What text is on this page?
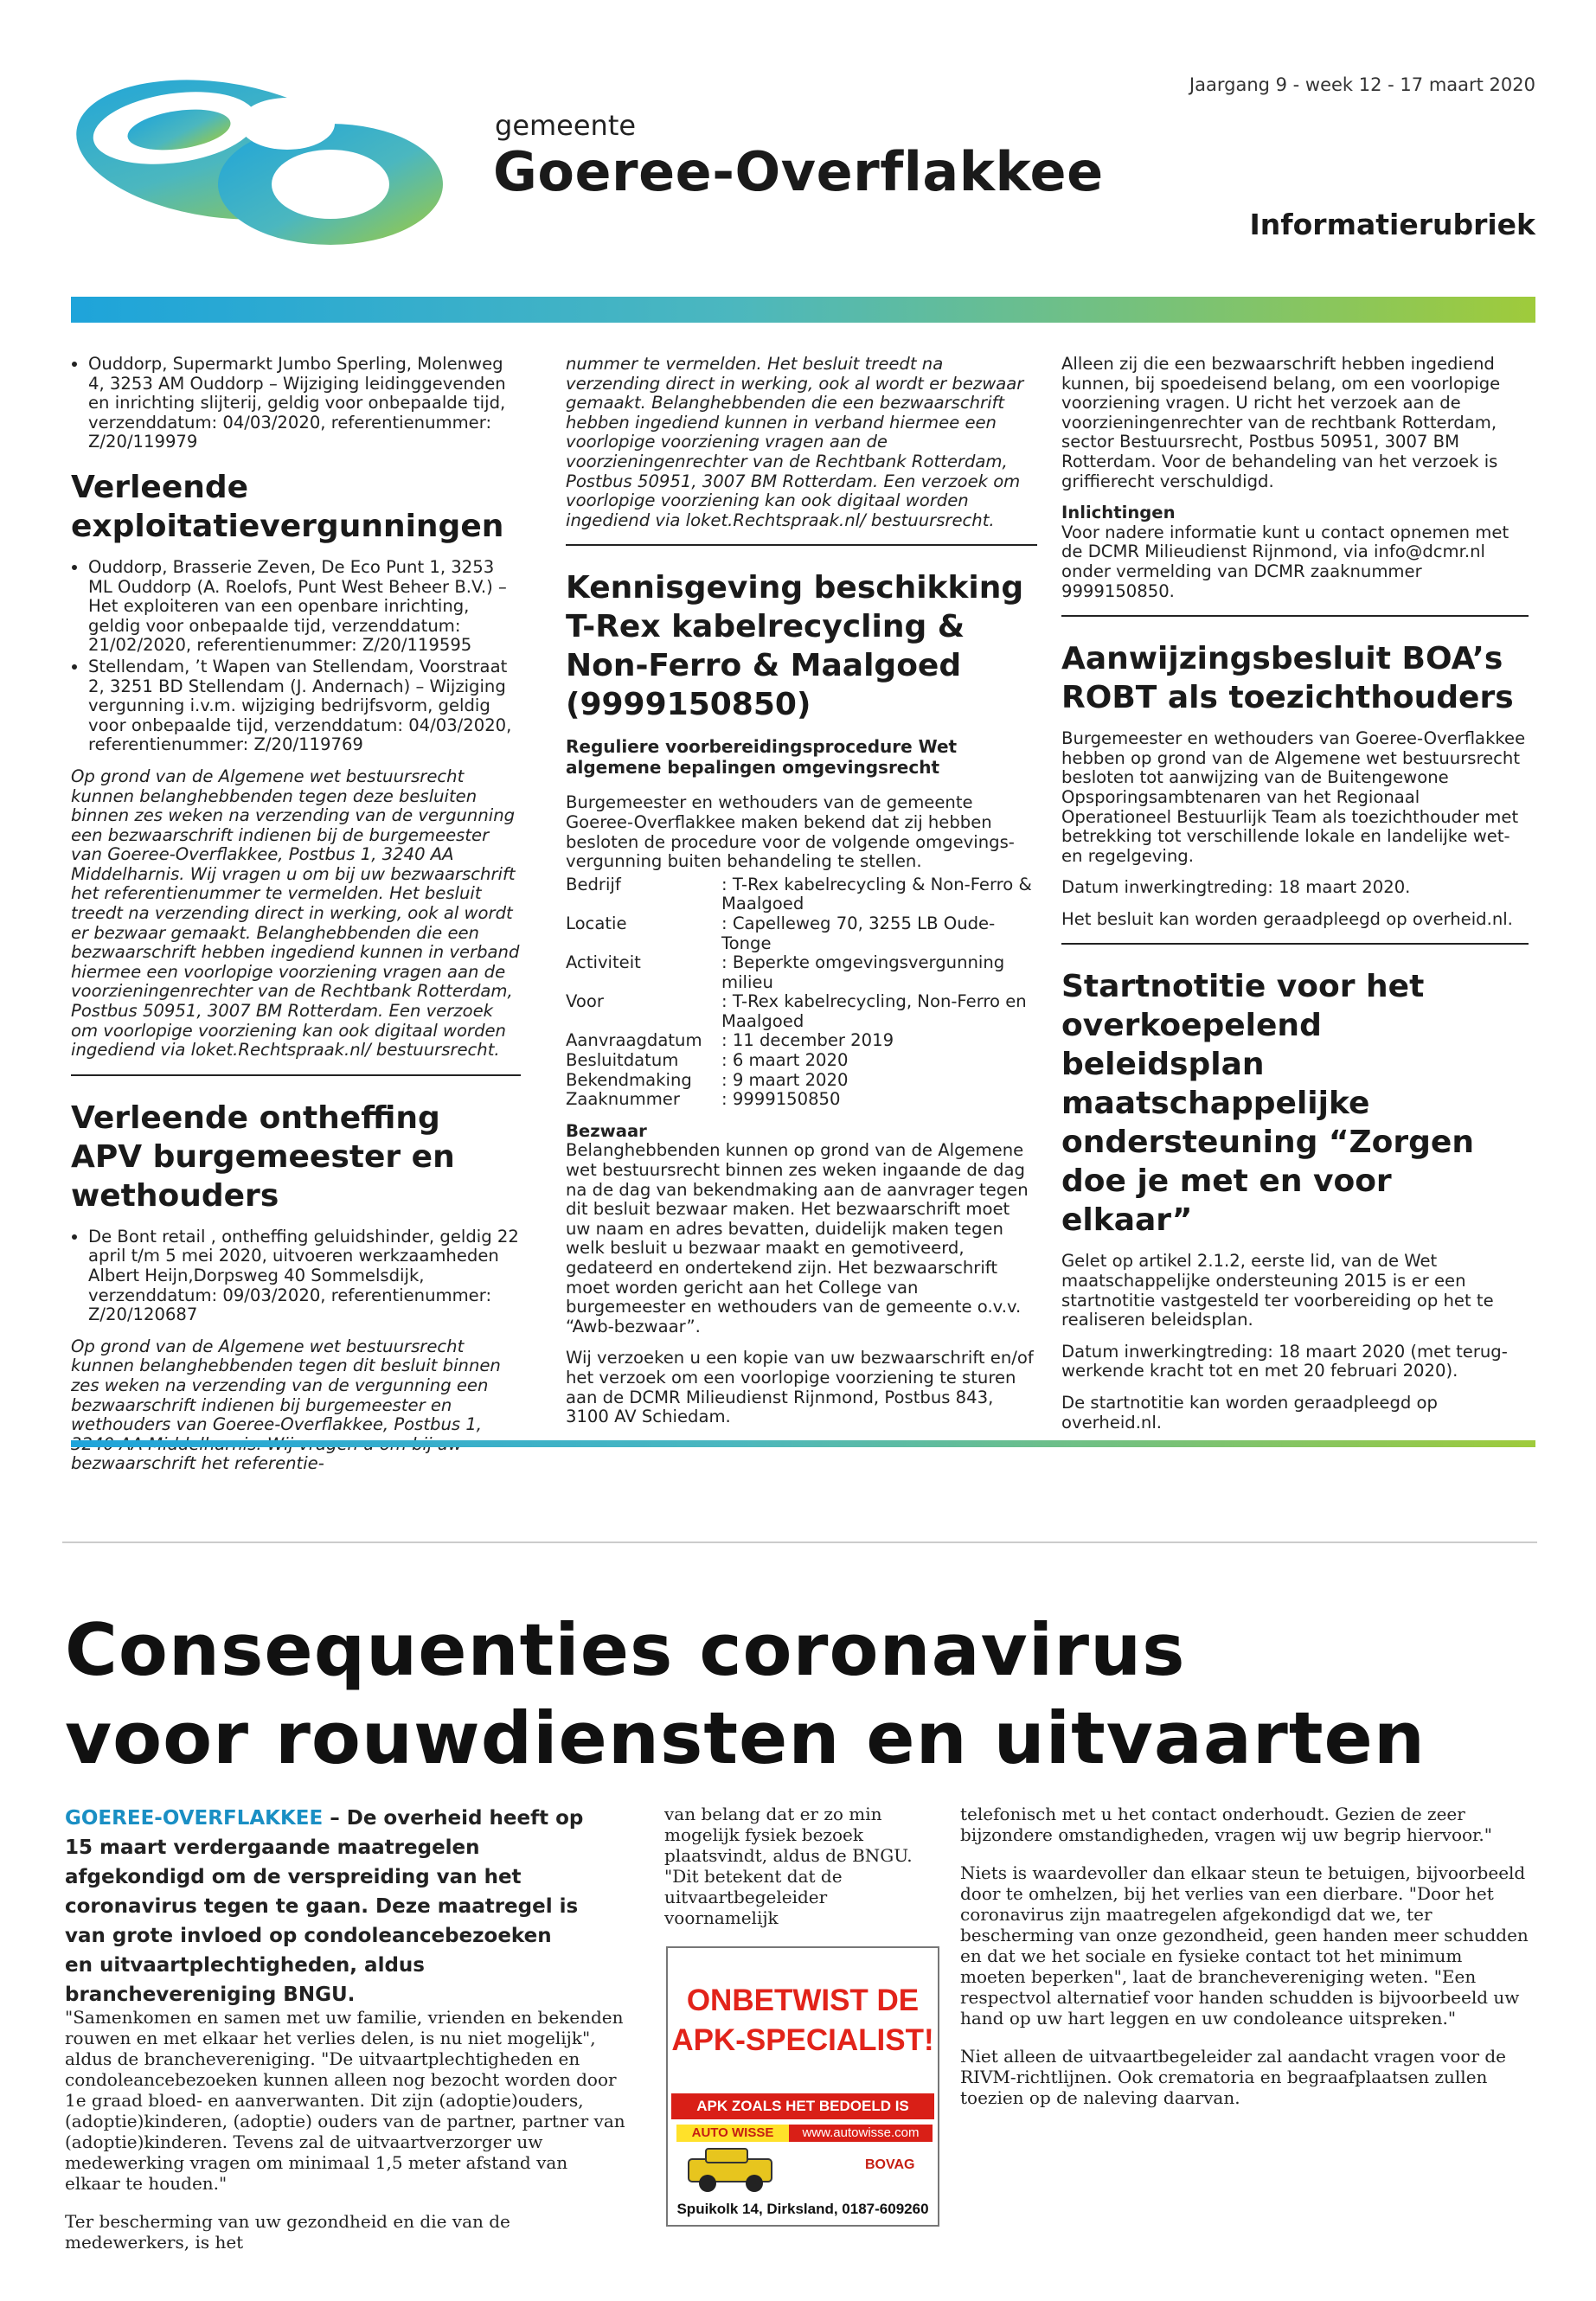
gemeente
Goeree-Overflakkee
Jaargang 9 - week 12 - 17 maart 2020
Informatierubriek
• Ouddorp, Supermarkt Jumbo Sperling, Molenweg 4, 3253 AM Ouddorp – Wijziging leidinggevenden en inrichting slijterij, geldig voor onbepaalde tijd, verzenddatum: 04/03/2020, referentienummer: Z/20/119979
Verleende exploitatievergunningen
• Ouddorp, Brasserie Zeven, De Eco Punt 1, 3253 ML Ouddorp (A. Roelofs, Punt West Beheer B.V.) – Het exploiteren van een openbare inrichting, geldig voor onbepaalde tijd, verzenddatum: 21/02/2020, referentienummer: Z/20/119595
• Stellendam, ’t Wapen van Stellendam, Voorstraat 2, 3251 BD Stellendam (J. Andernach) – Wijziging vergunning i.v.m. wijziging bedrijfsvorm, geldig voor onbepaalde tijd, verzenddatum: 04/03/2020, referentienummer: Z/20/119769

Op grond van de Algemene wet bestuursrecht kunnen belanghebbenden tegen deze besluiten binnen zes weken na verzending van de vergunning een bezwaarschrift indienen bij de burgemeester van Goeree-Overflakkee, Postbus 1, 3240 AA Middelharnis. Wij vragen u om bij uw bezwaarschrift het referentienummer te vermelden. Het besluit treedt na verzending direct in werking, ook al wordt er bezwaar gemaakt. Belanghebbenden die een bezwaarschrift hebben ingediend kunnen in verband hiermee een voorlopige voorziening vragen aan de voorzieningenrechter van de Rechtbank Rotterdam, Postbus 50951, 3007 BM Rotterdam. Een verzoek om voorlopige voorziening kan ook digitaal worden ingediend via loket.Rechtspraak.nl/ bestuursrecht.

Verleende ontheffing APV burgemeester en wethouders
• De Bont retail , ontheffing geluidshinder, geldig 22 april t/m 5 mei 2020, uitvoeren werkzaamheden Albert Heijn,Dorpsweg 40 Sommelsdijk, verzenddatum: 09/03/2020, referentienummer: Z/20/120687

Op grond van de Algemene wet bestuursrecht kunnen belanghebbenden tegen dit besluit binnen zes weken na verzending van de vergunning een bezwaarschrift indienen bij burgemeester en wethouders van Goeree-Overflakkee, Postbus 1, bezwaarschrift het referentie-

nummer te vermelden. Het besluit treedt na verzending direct in werking, ook al wordt er bezwaar gemaakt. Belanghebbenden die een bezwaarschrift hebben ingediend kunnen in verband hiermee een voorlopige voorziening vragen aan de voorzieningenrechter van de Rechtbank Rotterdam, Postbus 50951, 3007 BM Rotterdam. Een verzoek om voorlopige voorziening kan ook digitaal worden ingediend via loket.Rechtspraak.nl/ bestuursrecht.

Kennisgeving beschikking T-Rex kabelrecycling & Non-Ferro & Maalgoed (9999150850)
Reguliere voorbereidingsprocedure Wet algemene bepalingen omgevingsrecht

Burgemeester en wethouders van de gemeente Goeree-Overflakkee maken bekend dat zij hebben besloten de procedure voor de volgende omgevings-vergunning buiten behandeling te stellen.

Bedrijf	: T-Rex kabelrecycling & Non-Ferro & Maalgoed
Locatie	: Capelleweg 70, 3255 LB Oude-Tonge
Activiteit	: Beperkte omgevingsvergunning milieu
Voor	: T-Rex kabelrecycling, Non-Ferro en Maalgoed
Aanvraagdatum	: 11 december 2019
Besluitdatum	: 6 maart 2020
Bekendmaking	: 9 maart 2020
Zaaknummer	: 9999150850
Bezwaar

Belanghebbenden kunnen op grond van de Algemene wet bestuursrecht binnen zes weken ingaande de dag na de dag van bekendmaking aan de aanvrager tegen dit besluit bezwaar maken. Het bezwaarschrift moet uw naam en adres bevatten, duidelijk maken tegen welk besluit u bezwaar maakt en gemotiveerd, gedateerd en ondertekend zijn. Het bezwaarschrift moet worden gericht aan het College van burgemeester en wethouders van de gemeente o.v.v. “Awb-bezwaar”.

Wij verzoeken u een kopie van uw bezwaarschrift en/of het verzoek om een voorlopige voorziening te sturen aan de DCMR Milieudienst Rijnmond, Postbus 843, 3100 AV Schiedam.

Alleen zij die een bezwaarschrift hebben ingediend kunnen, bij spoedeisend belang, om een voorlopige voorziening vragen. U richt het verzoek aan de voorzieningenrechter van de rechtbank Rotterdam, sector Bestuursrecht, Postbus 50951, 3007 BM Rotterdam. Voor de behandeling van het verzoek is griffierecht verschuldigd.

Inlichtingen

Voor nadere informatie kunt u contact opnemen met de DCMR Milieudienst Rijnmond, via info@dcmr.nl onder vermelding van DCMR zaaknummer 9999150850.

Aanwijzingsbesluit BOA’s ROBT als toezichthouders

Burgemeester en wethouders van Goeree-Overflakkee hebben op grond van de Algemene wet bestuursrecht besloten tot aanwijzing van de Buitengewone Opsporingsambtenaren van het Regionaal Operationeel Bestuurlijk Team als toezichthouder met betrekking tot verschillende lokale en landelijke wet- en regelgeving.

Datum inwerkingtreding: 18 maart 2020.

Het besluit kan worden geraadpleegd op overheid.nl.

Startnotitie voor het overkoepelend beleidsplan maatschappelijke ondersteuning “Zorgen doe je met en voor elkaar”

Gelet op artikel 2.1.2, eerste lid, van de Wet maatschappelijke ondersteuning 2015 is er een startnotitie vastgesteld ter voorbereiding op het te realiseren beleidsplan.

Datum inwerkingtreding: 18 maart 2020 (met terug-werkende kracht tot en met 20 februari 2020).

De startnotitie kan worden geraadpleegd op overheid.nl.

Consequenties coronavirus
voor rouwdiensten en uitvaarten
GOEREE-OVERFLAKKEE – De overheid heeft op 15 maart verdergaande maatregelen afgekondigd om de verspreiding van het coronavirus tegen te gaan. Deze maatregel is van grote invloed op condoleancebezoeken en uitvaartplechtigheden, aldus branchevereniging BNGU.

"Samenkomen en samen met uw familie, vrienden en bekenden rouwen en met elkaar het verlies delen, is nu niet mogelijk", aldus de branchevereniging. "De uitvaartplechtigheden en condoleancebezoeken kunnen alleen nog bezocht worden door 1e graad bloed- en aanverwanten. Dit zijn (adoptie)ouders, (adoptie)kinderen, (adoptie) ouders van de partner, partner van (adoptie)kinderen. Tevens zal de uitvaartverzorger uw medewerking vragen om minimaal 1,5 meter afstand van elkaar te houden."

Ter bescherming van uw gezondheid en die van de medewerkers, is het

van belang dat er zo min mogelijk fysiek bezoek plaatsvindt, aldus de BNGU. "Dit betekent dat de uitvaartbegeleider voornamelijk

ONBETWIST DE APK-SPECIALIST!
APK ZOALS HET BEDOELD IS
AUTO WISSE	www.autowisse.com
BOVAG
Spuikolk 14, Dirksland, 0187-609260

telefonisch met u het contact onderhoudt. Gezien de zeer bijzondere omstandigheden, vragen wij uw begrip hiervoor."

Niets is waardevoller dan elkaar steun te betuigen, bijvoorbeeld door te omhelzen, bij het verlies van een dierbare. "Door het coronavirus zijn maatregelen afgekondigd dat we, ter bescherming van onze gezondheid, geen handen meer schudden en dat we het sociale en fysieke contact tot het minimum moeten beperken", laat de branchevereniging weten. "Een respectvol alternatief voor handen schudden is bijvoorbeeld uw hand op uw hart leggen en uw condoleance uitspreken."

Niet alleen de uitvaartbegeleider zal aandacht vragen voor de RIVM-richtlijnen. Ook crematoria en begraafplaatsen zullen toezien op de naleving daarvan.
